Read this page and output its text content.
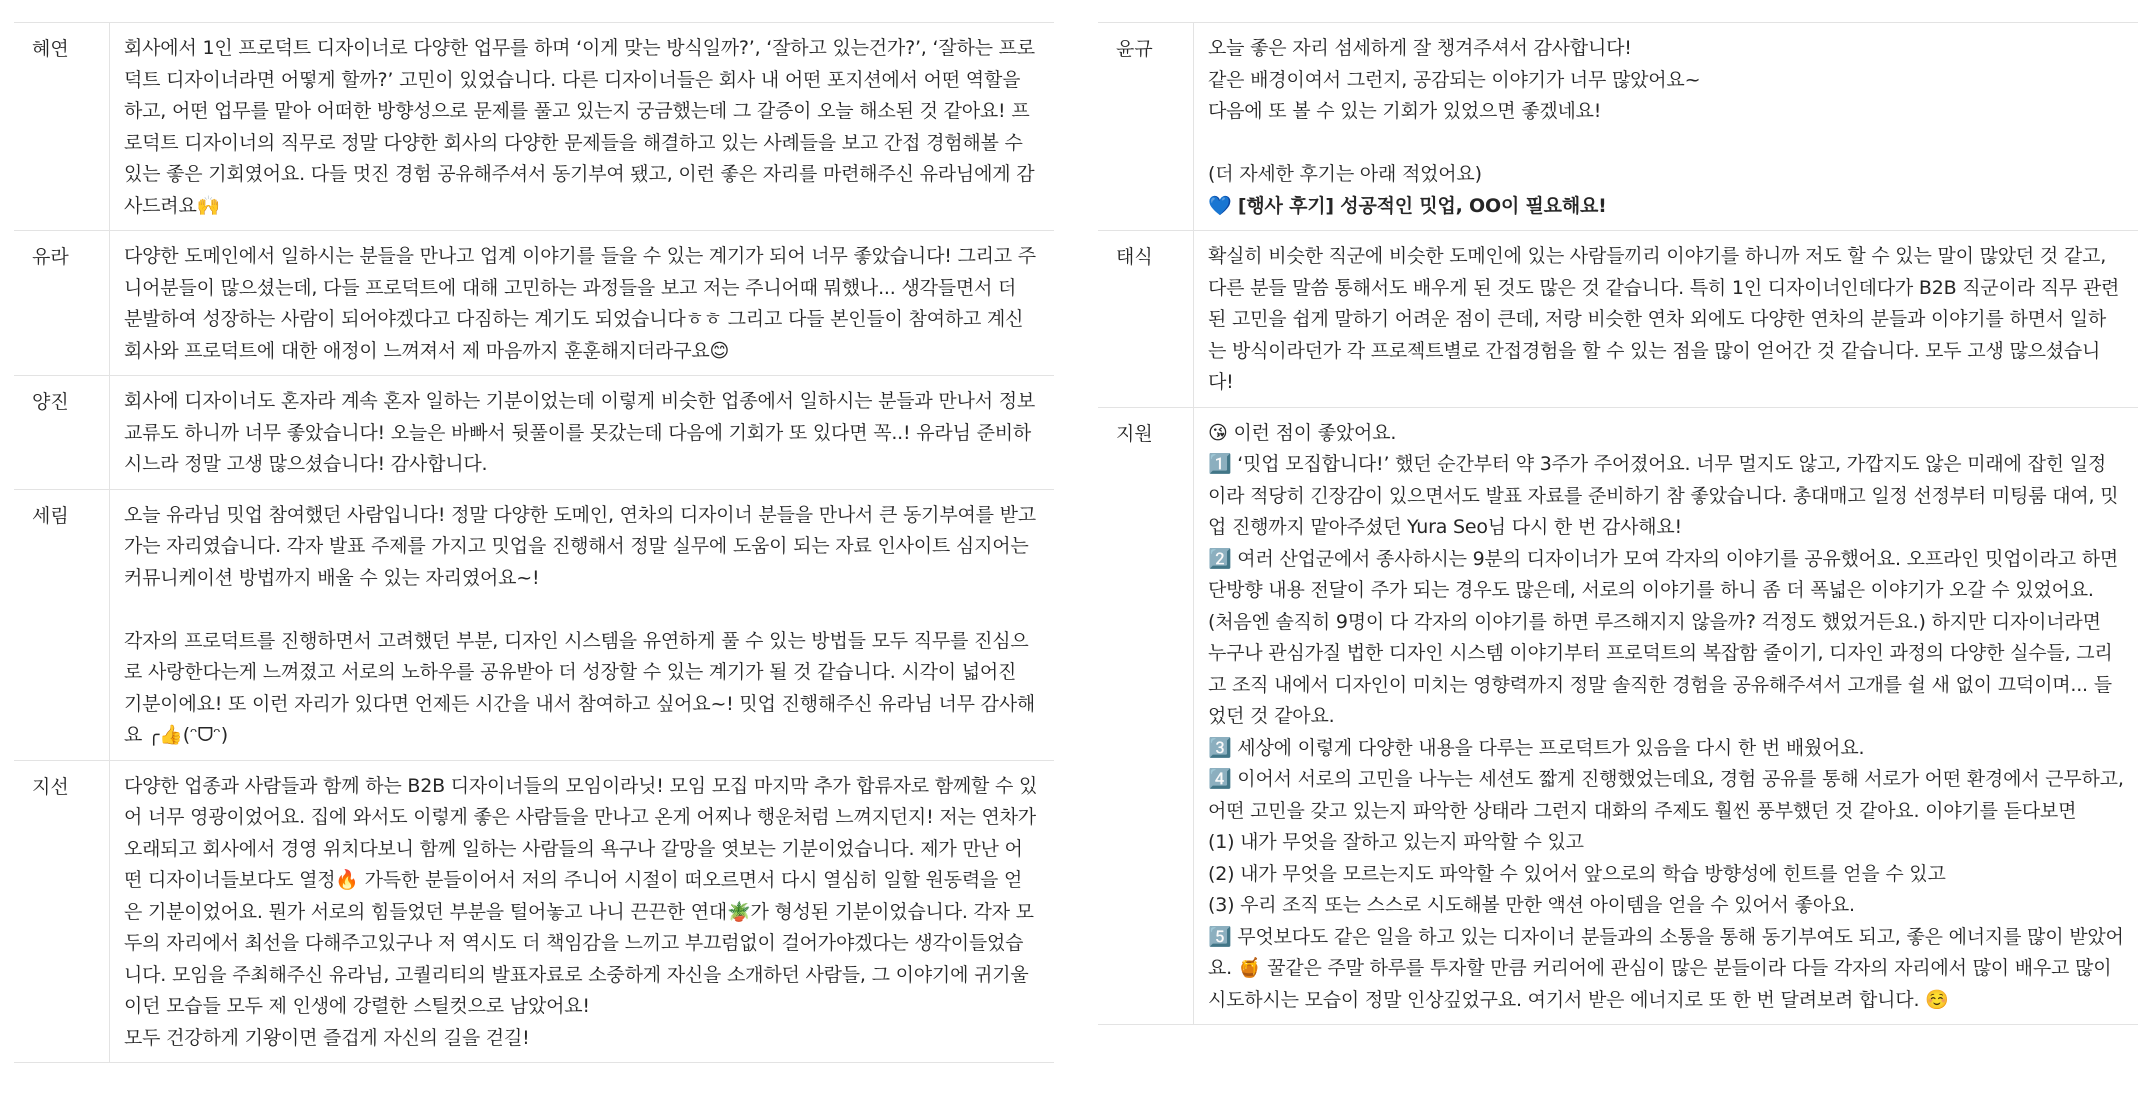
혜연	회사에서 1인 프로덕트 디자이너로 다양한 업무를 하며 ‘이게 맞는 방식일까?’, ‘잘하고 있는건가?’, ‘잘하는 프로덕트 디자이너라면 어떻게 할까?’ 고민이 있었습니다. 다른 디자이너들은 회사 내 어떤 포지션에서 어떤 역할을 하고, 어떤 업무를 맡아 어떠한 방향성으로 문제를 풀고 있는지 궁금했는데 그 갈증이 오늘 해소된 것 같아요! 프로덕트 디자이너의 직무로 정말 다양한 회사의 다양한 문제들을 해결하고 있는 사례들을 보고 간접 경험해볼 수 있는 좋은 기회였어요. 다들 멋진 경험 공유해주셔서 동기부여 됐고, 이런 좋은 자리를 마련해주신 유라님에게 감사드려요🙌

유라	다양한 도메인에서 일하시는 분들을 만나고 업계 이야기를 들을 수 있는 계기가 되어 너무 좋았습니다! 그리고 주니어분들이 많으셨는데, 다들 프로덕트에 대해 고민하는 과정들을 보고 저는 주니어때 뭐했나... 생각들면서 더 분발하여 성장하는 사람이 되어야겠다고 다짐하는 계기도 되었습니다ㅎㅎ 그리고 다들 본인들이 참여하고 계신 회사와 프로덕트에 대한 애정이 느껴져서 제 마음까지 훈훈해지더라구요😊

양진	회사에 디자이너도 혼자라 계속 혼자 일하는 기분이었는데 이렇게 비슷한 업종에서 일하시는 분들과 만나서 정보교류도 하니까 너무 좋았습니다! 오늘은 바빠서 뒷풀이를 못갔는데 다음에 기회가 또 있다면 꼭..! 유라님 준비하시느라 정말 고생 많으셨습니다! 감사합니다.

세림	오늘 유라님 밋업 참여했던 사람입니다! 정말 다양한 도메인, 연차의 디자이너 분들을 만나서 큰 동기부여를 받고 가는 자리였습니다. 각자 발표 주제를 가지고 밋업을 진행해서 정말 실무에 도움이 되는 자료 인사이트 심지어는 커뮤니케이션 방법까지 배울 수 있는 자리였어요~!

각자의 프로덕트를 진행하면서 고려했던 부분, 디자인 시스템을 유연하게 풀 수 있는 방법들 모두 직무를 진심으로 사랑한다는게 느껴졌고 서로의 노하우를 공유받아 더 성장할 수 있는 계기가 될 것 같습니다. 시각이 넓어진 기분이에요! 또 이런 자리가 있다면 언제든 시간을 내서 참여하고 싶어요~! 밋업 진행해주신 유라님 너무 감사해요 ╭👍(ᵔᗜᵔ)

지선	다양한 업종과 사람들과 함께 하는 B2B 디자이너들의 모임이라닛! 모임 모집 마지막 추가 합류자로 함께할 수 있어 너무 영광이었어요. 집에 와서도 이렇게 좋은 사람들을 만나고 온게 어찌나 행운처럼 느껴지던지! 저는 연차가 오래되고 회사에서 경영 위치다보니 함께 일하는 사람들의 욕구나 갈망을 엿보는 기분이었습니다. 제가 만난 어떤 디자이너들보다도 열정🔥 가득한 분들이어서 저의 주니어 시절이 떠오르면서 다시 열심히 일할 원동력을 얻은 기분이었어요. 뭔가 서로의 힘들었던 부분을 털어놓고 나니 끈끈한 연대🪴가 형성된 기분이었습니다. 각자 모두의 자리에서 최선을 다해주고있구나 저 역시도 더 책임감을 느끼고 부끄럼없이 걸어가야겠다는 생각이들었습니다. 모임을 주최해주신 유라님, 고퀄리티의 발표자료로 소중하게 자신을 소개하던 사람들, 그 이야기에 귀기울이던 모습들 모두 제 인생에 강렬한 스틸컷으로 남았어요!

모두 건강하게 기왕이면 즐겁게 자신의 길을 걷길!

윤규	오늘 좋은 자리 섬세하게 잘 챙겨주셔서 감사합니다!

같은 배경이여서 그런지, 공감되는 이야기가 너무 많았어요~

다음에 또 볼 수 있는 기회가 있었으면 좋겠네요!

(더 자세한 후기는 아래 적었어요)

💙 [행사 후기] 성공적인 밋업, OO이 필요해요!

태식	확실히 비슷한 직군에 비슷한 도메인에 있는 사람들끼리 이야기를 하니까 저도 할 수 있는 말이 많았던 것 같고, 다른 분들 말씀 통해서도 배우게 된 것도 많은 것 같습니다. 특히 1인 디자이너인데다가 B2B 직군이라 직무 관련된 고민을 쉽게 말하기 어려운 점이 큰데, 저랑 비슷한 연차 외에도 다양한 연차의 분들과 이야기를 하면서 일하는 방식이라던가 각 프로젝트별로 간접경험을 할 수 있는 점을 많이 얻어간 것 같습니다. 모두 고생 많으셨습니다!

지원	😘 이런 점이 좋았어요.

1️⃣ ‘밋업 모집합니다!’ 했던 순간부터 약 3주가 주어졌어요. 너무 멀지도 않고, 가깝지도 않은 미래에 잡힌 일정이라 적당히 긴장감이 있으면서도 발표 자료를 준비하기 참 좋았습니다. 총대매고 일정 선정부터 미팅룸 대여, 밋업 진행까지 맡아주셨던 Yura Seo님 다시 한 번 감사해요!

2️⃣ 여러 산업군에서 종사하시는 9분의 디자이너가 모여 각자의 이야기를 공유했어요. 오프라인 밋업이라고 하면 단방향 내용 전달이 주가 되는 경우도 많은데, 서로의 이야기를 하니 좀 더 폭넓은 이야기가 오갈 수 있었어요. (처음엔 솔직히 9명이 다 각자의 이야기를 하면 루즈해지지 않을까? 걱정도 했었거든요.) 하지만 디자이너라면 누구나 관심가질 법한 디자인 시스템 이야기부터 프로덕트의 복잡함 줄이기, 디자인 과정의 다양한 실수들, 그리고 조직 내에서 디자인이 미치는 영향력까지 정말 솔직한 경험을 공유해주셔서 고개를 쉴 새 없이 끄덕이며... 들었던 것 같아요.

3️⃣ 세상에 이렇게 다양한 내용을 다루는 프로덕트가 있음을 다시 한 번 배웠어요.

4️⃣ 이어서 서로의 고민을 나누는 세션도 짧게 진행했었는데요, 경험 공유를 통해 서로가 어떤 환경에서 근무하고, 어떤 고민을 갖고 있는지 파악한 상태라 그런지 대화의 주제도 훨씬 풍부했던 것 같아요. 이야기를 듣다보면

(1) 내가 무엇을 잘하고 있는지 파악할 수 있고

(2) 내가 무엇을 모르는지도 파악할 수 있어서 앞으로의 학습 방향성에 힌트를 얻을 수 있고

(3) 우리 조직 또는 스스로 시도해볼 만한 액션 아이템을 얻을 수 있어서 좋아요.

5️⃣ 무엇보다도 같은 일을 하고 있는 디자이너 분들과의 소통을 통해 동기부여도 되고, 좋은 에너지를 많이 받았어요. 🍯 꿀같은 주말 하루를 투자할 만큼 커리어에 관심이 많은 분들이라 다들 각자의 자리에서 많이 배우고 많이 시도하시는 모습이 정말 인상깊었구요. 여기서 받은 에너지로 또 한 번 달려보려 합니다. ☺️
